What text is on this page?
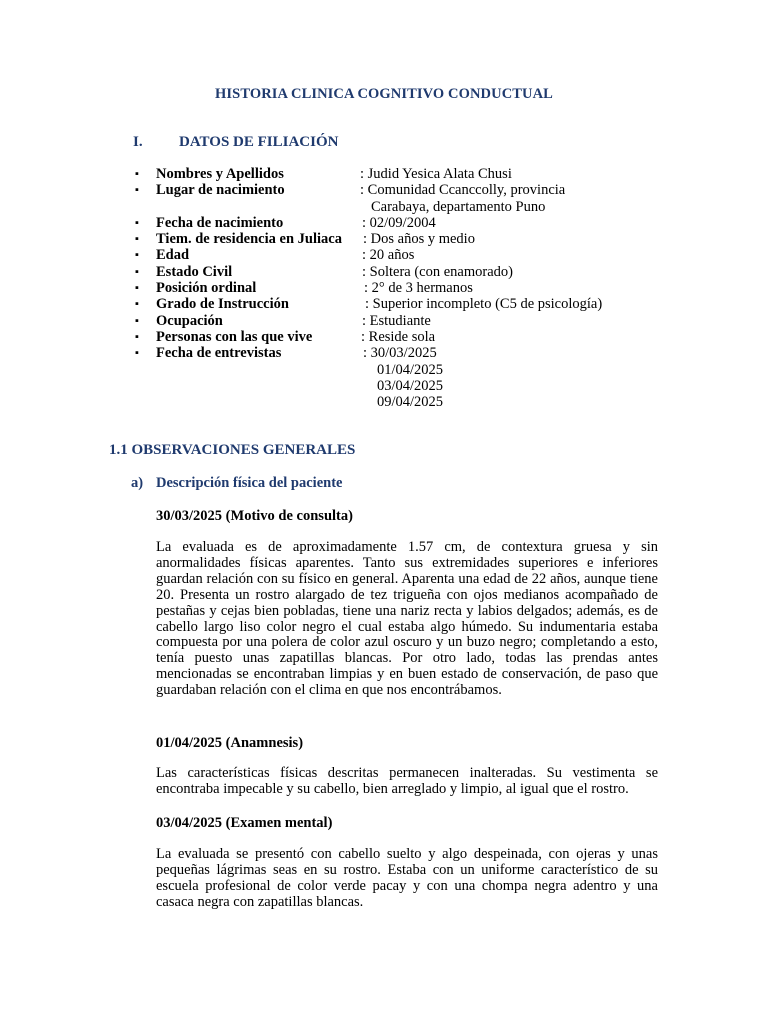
HISTORIA CLINICA COGNITIVO CONDUCTUAL
I. DATOS DE FILIACIÓN
▪ Nombres y Apellidos	: Judid Yesica Alata Chusi
▪ Lugar de nacimiento	: Comunidad Ccanccolly, provincia
Carabaya, departamento Puno
▪ Fecha de nacimiento	: 02/09/2004
▪ Tiem. de residencia en Juliaca : Dos años y medio
▪ Edad	: 20 años
▪ Estado Civil	: Soltera (con enamorado)
▪ Posición ordinal	: 2° de 3 hermanos
▪ Grado de Instrucción	: Superior incompleto (C5 de psicología)
▪ Ocupación	: Estudiante
▪ Personas con las que vive	: Reside sola
▪ Fecha de entrevistas	: 30/03/2025
01/04/2025
03/04/2025
09/04/2025
1.1 OBSERVACIONES GENERALES
a) Descripción física del paciente
30/03/2025 (Motivo de consulta)
La evaluada es de aproximadamente 1.57 cm, de contextura gruesa y sin anormalidades físicas aparentes. Tanto sus extremidades superiores e inferiores guardan relación con su físico en general. Aparenta una edad de 22 años, aunque tiene 20. Presenta un rostro alargado de tez trigueña con ojos medianos acompañado de pestañas y cejas bien pobladas, tiene una nariz recta y labios delgados; además, es de cabello largo liso color negro el cual estaba algo húmedo. Su indumentaria estaba compuesta por una polera de color azul oscuro y un buzo negro; completando a esto, tenía puesto unas zapatillas blancas. Por otro lado, todas las prendas antes mencionadas se encontraban limpias y en buen estado de conservación, de paso que guardaban relación con el clima en que nos encontrábamos.
01/04/2025 (Anamnesis)
Las características físicas descritas permanecen inalteradas. Su vestimenta se encontraba impecable y su cabello, bien arreglado y limpio, al igual que el rostro.
03/04/2025 (Examen mental)
La evaluada se presentó con cabello suelto y algo despeinada, con ojeras y unas pequeñas lágrimas seas en su rostro. Estaba con un uniforme característico de su escuela profesional de color verde pacay y con una chompa negra adentro y una casaca negra con zapatillas blancas.
